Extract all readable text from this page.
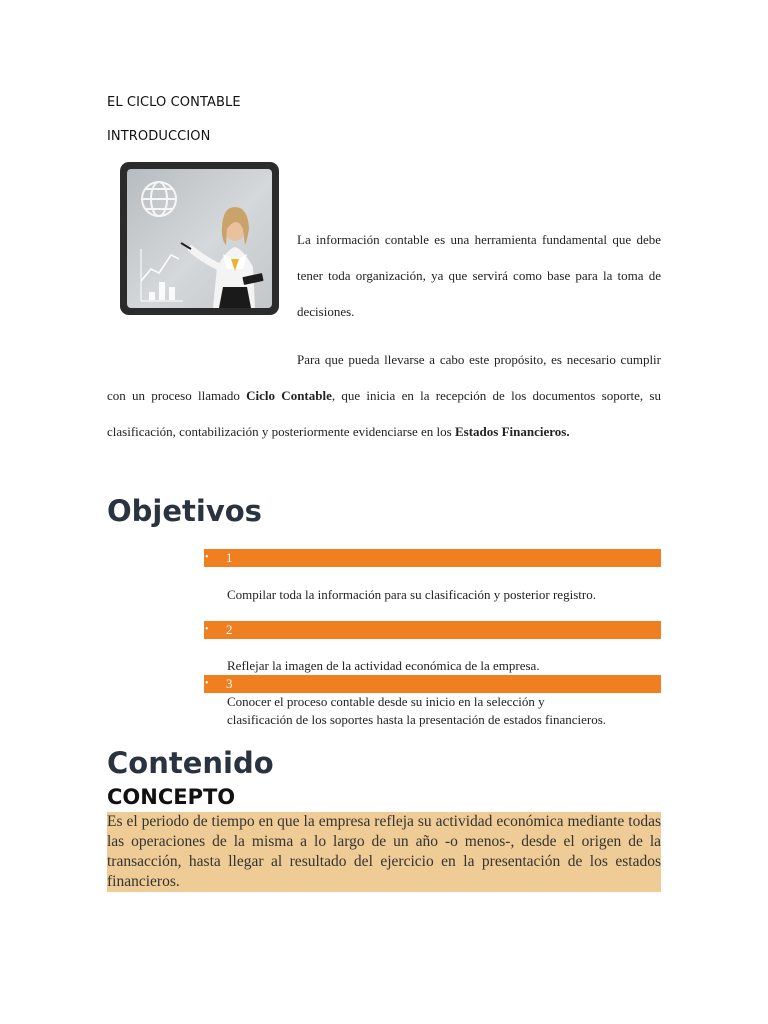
EL CICLO CONTABLE
INTRODUCCION

La información contable es una herramienta fundamental que debe tener toda organización, ya que servirá como base para la toma de decisiones.

Para que pueda llevarse a cabo este propósito, es necesario cumplir con un proceso llamado Ciclo Contable, que inicia en la recepción de los documentos soporte, su clasificación, contabilización y posteriormente evidenciarse en los Estados Financieros.

Objetivos
• 1

Compilar toda la información para su clasificación y posterior registro.

• 2

Reflejar la imagen de la actividad económica de la empresa.

• 3

Conocer el proceso contable desde su inicio en la selección y clasificación de los soportes hasta la presentación de estados financieros.

Contenido
CONCEPTO

Es el periodo de tiempo en que la empresa refleja su actividad económica mediante todas las operaciones de la misma a lo largo de un año -o menos-, desde el origen de la transacción, hasta llegar al resultado del ejercicio en la presentación de los estados financieros.
